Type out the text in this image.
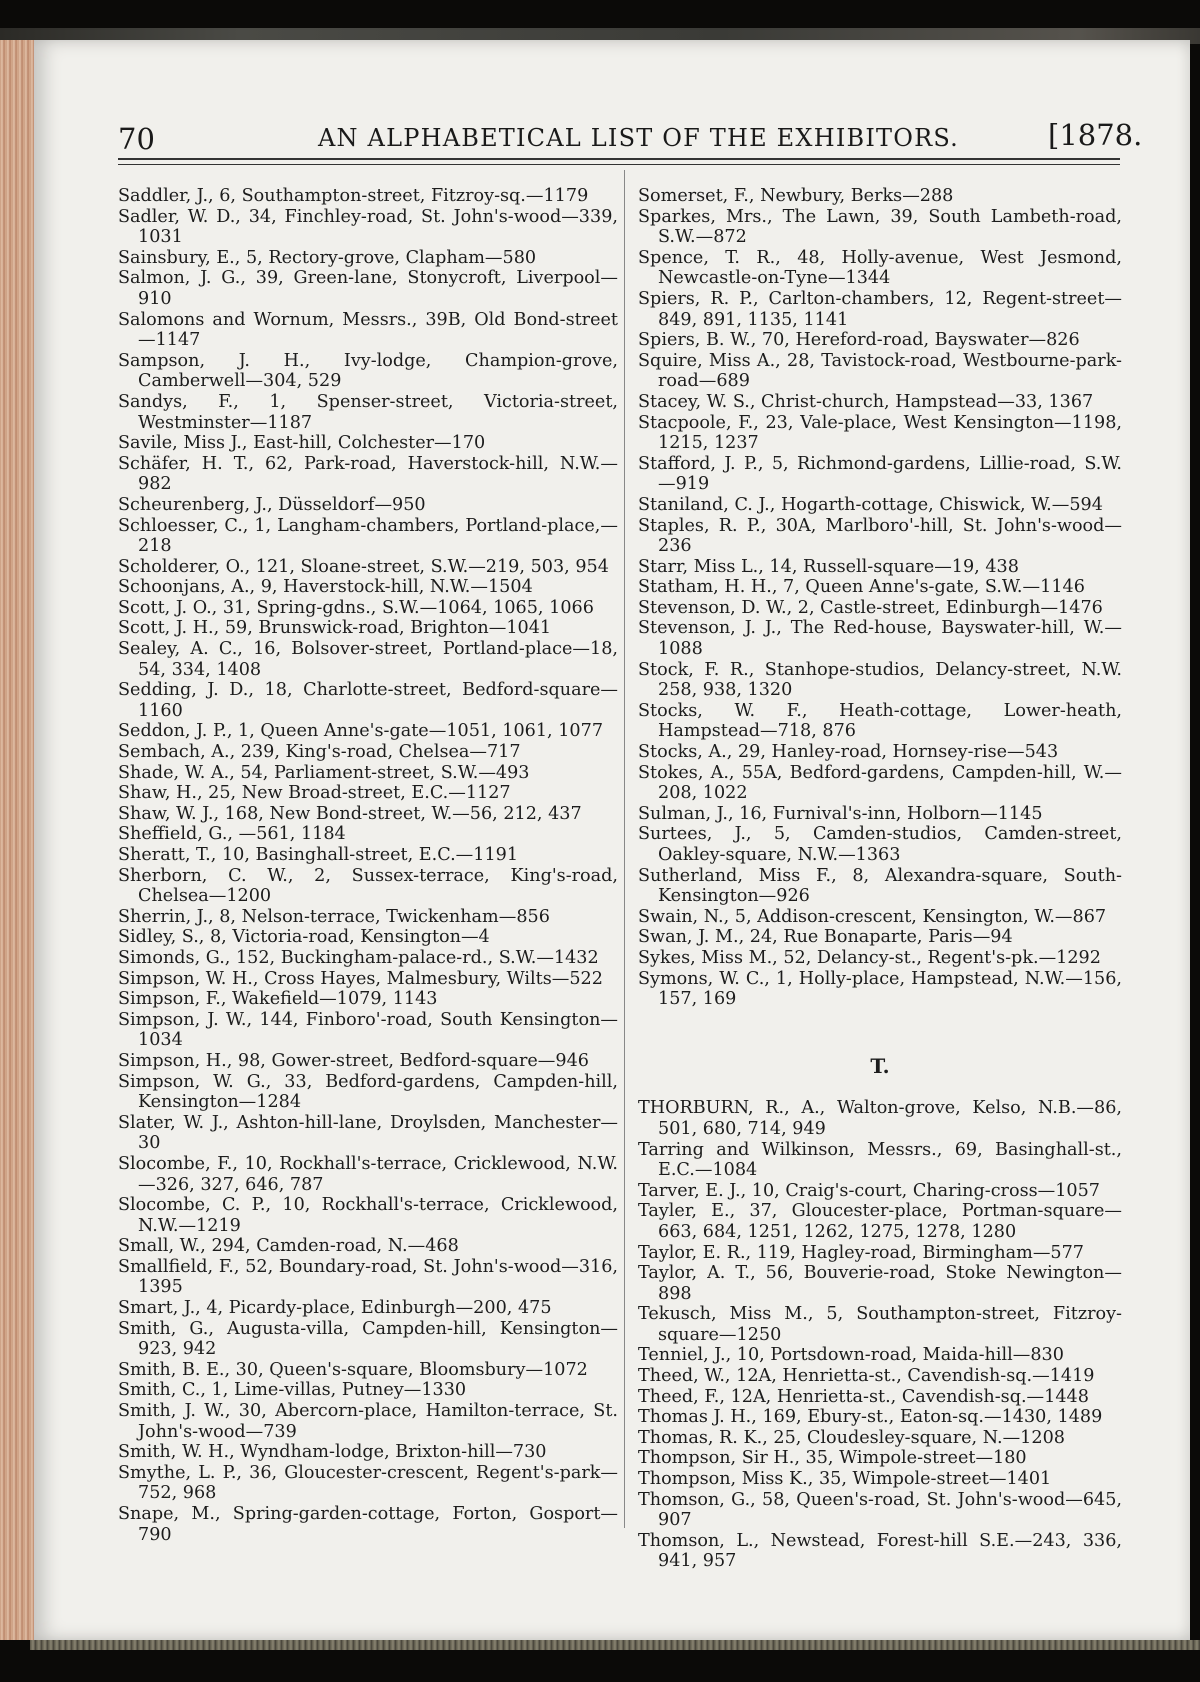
70	AN ALPHABETICAL LIST OF THE EXHIBITORS.	[1878.

Saddler, J., 6, Southampton-street, Fitzroy-sq.—1179

Sadler, W. D., 34, Finchley-road, St. John's-wood—339, 1031

Sainsbury, E., 5, Rectory-grove, Clapham—580

Salmon, J. G., 39, Green-lane, Stonycroft, Liverpool—910

Salomons and Wornum, Messrs., 39B, Old Bond-street—1147

Sampson, J. H., Ivy-lodge, Champion-grove, Camberwell—304, 529

Sandys, F., 1, Spenser-street, Victoria-street, Westminster—1187

Savile, Miss J., East-hill, Colchester—170

Schäfer, H. T., 62, Park-road, Haverstock-hill, N.W.—982

Scheurenberg, J., Düsseldorf—950

Schloesser, C., 1, Langham-chambers, Portland-place,—218

Scholderer, O., 121, Sloane-street, S.W.—219, 503, 954

Schoonjans, A., 9, Haverstock-hill, N.W.—1504

Scott, J. O., 31, Spring-gdns., S.W.—1064, 1065, 1066

Scott, J. H., 59, Brunswick-road, Brighton—1041

Sealey, A. C., 16, Bolsover-street, Portland-place—18, 54, 334, 1408

Sedding, J. D., 18, Charlotte-street, Bedford-square—1160

Seddon, J. P., 1, Queen Anne's-gate—1051, 1061, 1077

Sembach, A., 239, King's-road, Chelsea—717

Shade, W. A., 54, Parliament-street, S.W.—493

Shaw, H., 25, New Broad-street, E.C.—1127

Shaw, W. J., 168, New Bond-street, W.—56, 212, 437

Sheffield, G., —561, 1184

Sheratt, T., 10, Basinghall-street, E.C.—1191

Sherborn, C. W., 2, Sussex-terrace, King's-road, Chelsea—1200

Sherrin, J., 8, Nelson-terrace, Twickenham—856

Sidley, S., 8, Victoria-road, Kensington—4

Simonds, G., 152, Buckingham-palace-rd., S.W.—1432

Simpson, W. H., Cross Hayes, Malmesbury, Wilts—522

Simpson, F., Wakefield—1079, 1143

Simpson, J. W., 144, Finboro'-road, South Kensington—1034

Simpson, H., 98, Gower-street, Bedford-square—946

Simpson, W. G., 33, Bedford-gardens, Campden-hill, Kensington—1284

Slater, W. J., Ashton-hill-lane, Droylsden, Manchester—30

Slocombe, F., 10, Rockhall's-terrace, Cricklewood, N.W.—326, 327, 646, 787

Slocombe, C. P., 10, Rockhall's-terrace, Cricklewood, N.W.—1219

Small, W., 294, Camden-road, N.—468

Smallfield, F., 52, Boundary-road, St. John's-wood—316, 1395

Smart, J., 4, Picardy-place, Edinburgh—200, 475

Smith, G., Augusta-villa, Campden-hill, Kensington—923, 942

Smith, B. E., 30, Queen's-square, Bloomsbury—1072

Smith, C., 1, Lime-villas, Putney—1330

Smith, J. W., 30, Abercorn-place, Hamilton-terrace, St. John's-wood—739

Smith, W. H., Wyndham-lodge, Brixton-hill—730

Smythe, L. P., 36, Gloucester-crescent, Regent's-park—752, 968

Snape, M., Spring-garden-cottage, Forton, Gosport—790

Somerset, F., Newbury, Berks—288

Sparkes, Mrs., The Lawn, 39, South Lambeth-road, S.W.—872

Spence, T. R., 48, Holly-avenue, West Jesmond, Newcastle-on-Tyne—1344

Spiers, R. P., Carlton-chambers, 12, Regent-street—849, 891, 1135, 1141

Spiers, B. W., 70, Hereford-road, Bayswater—826

Squire, Miss A., 28, Tavistock-road, Westbourne-park-road—689

Stacey, W. S., Christ-church, Hampstead—33, 1367

Stacpoole, F., 23, Vale-place, West Kensington—1198, 1215, 1237

Stafford, J. P., 5, Richmond-gardens, Lillie-road, S.W.—919

Staniland, C. J., Hogarth-cottage, Chiswick, W.—594

Staples, R. P., 30A, Marlboro'-hill, St. John's-wood—236

Starr, Miss L., 14, Russell-square—19, 438

Statham, H. H., 7, Queen Anne's-gate, S.W.—1146

Stevenson, D. W., 2, Castle-street, Edinburgh—1476

Stevenson, J. J., The Red-house, Bayswater-hill, W.—1088

Stock, F. R., Stanhope-studios, Delancy-street, N.W. 258, 938, 1320

Stocks, W. F., Heath-cottage, Lower-heath, Hampstead—718, 876

Stocks, A., 29, Hanley-road, Hornsey-rise—543

Stokes, A., 55A, Bedford-gardens, Campden-hill, W.—208, 1022

Sulman, J., 16, Furnival's-inn, Holborn—1145

Surtees, J., 5, Camden-studios, Camden-street, Oakley-square, N.W.—1363

Sutherland, Miss F., 8, Alexandra-square, South-Kensington—926

Swain, N., 5, Addison-crescent, Kensington, W.—867

Swan, J. M., 24, Rue Bonaparte, Paris—94

Sykes, Miss M., 52, Delancy-st., Regent's-pk.—1292

Symons, W. C., 1, Holly-place, Hampstead, N.W.—156, 157, 169

T.

THORBURN, R., A., Walton-grove, Kelso, N.B.—86, 501, 680, 714, 949

Tarring and Wilkinson, Messrs., 69, Basinghall-st., E.C.—1084

Tarver, E. J., 10, Craig's-court, Charing-cross—1057

Tayler, E., 37, Gloucester-place, Portman-square—663, 684, 1251, 1262, 1275, 1278, 1280

Taylor, E. R., 119, Hagley-road, Birmingham—577

Taylor, A. T., 56, Bouverie-road, Stoke Newington—898

Tekusch, Miss M., 5, Southampton-street, Fitzroy-square—1250

Tenniel, J., 10, Portsdown-road, Maida-hill—830

Theed, W., 12A, Henrietta-st., Cavendish-sq.—1419

Theed, F., 12A, Henrietta-st., Cavendish-sq.—1448

Thomas J. H., 169, Ebury-st., Eaton-sq.—1430, 1489

Thomas, R. K., 25, Cloudesley-square, N.—1208

Thompson, Sir H., 35, Wimpole-street—180

Thompson, Miss K., 35, Wimpole-street—1401

Thomson, G., 58, Queen's-road, St. John's-wood—645, 907

Thomson, L., Newstead, Forest-hill S.E.—243, 336, 941, 957
